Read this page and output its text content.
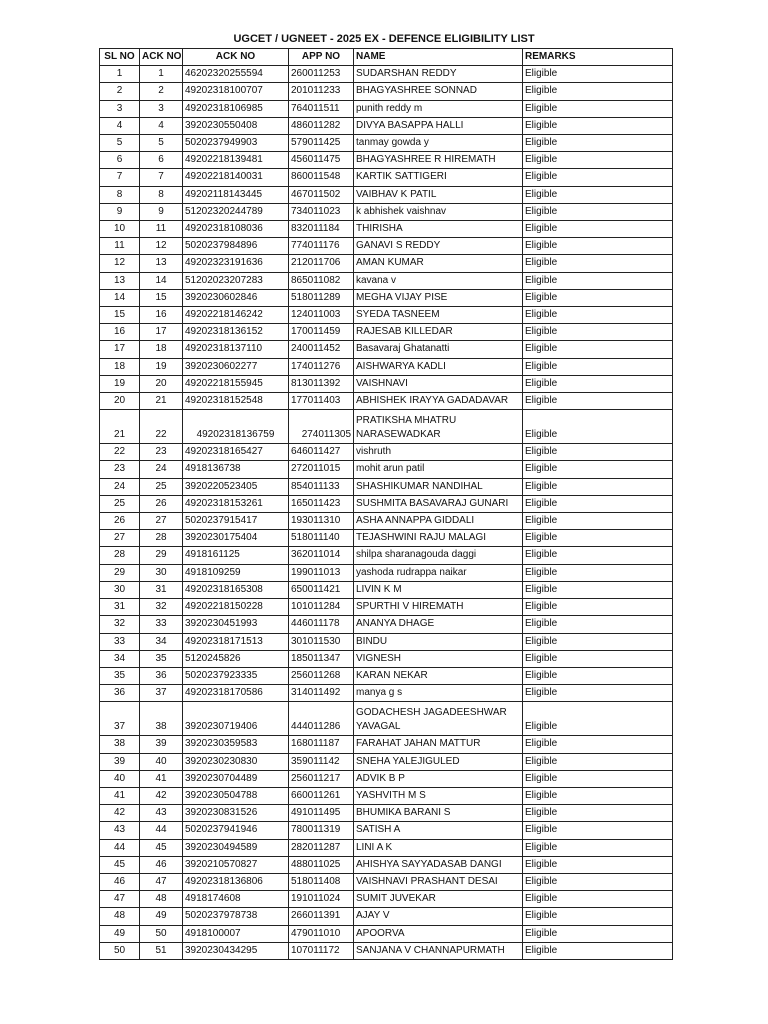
UGCET / UGNEET - 2025 EX - DEFENCE ELIGIBILITY LIST
SL NO	ACK NO	ACK NO	APP NO	NAME	REMARKS
1	1	46202320255594	260011253	SUDARSHAN REDDY	Eligible
2	2	49202318100707	201011233	BHAGYASHREE SONNAD	Eligible
3	3	49202318106985	764011511	punith reddy m	Eligible
4	4	3920230550408	486011282	DIVYA BASAPPA HALLI	Eligible
5	5	5020237949903	579011425	tanmay gowda y	Eligible
6	6	49202218139481	456011475	BHAGYASHREE R HIREMATH	Eligible
7	7	49202218140031	860011548	KARTIK SATTIGERI	Eligible
8	8	49202118143445	467011502	VAIBHAV K PATIL	Eligible
9	9	51202320244789	734011023	k abhishek vaishnav	Eligible
10	11	49202318108036	832011184	THIRISHA	Eligible
11	12	5020237984896	774011176	GANAVI S REDDY	Eligible
12	13	49202323191636	212011706	AMAN KUMAR	Eligible
13	14	51202023207283	865011082	kavana v	Eligible
14	15	3920230602846	518011289	MEGHA VIJAY PISE	Eligible
15	16	49202218146242	124011003	SYEDA TASNEEM	Eligible
16	17	49202318136152	170011459	RAJESAB KILLEDAR	Eligible
17	18	49202318137110	240011452	Basavaraj Ghatanatti	Eligible
18	19	3920230602277	174011276	AISHWARYA KADLI	Eligible
19	20	49202218155945	813011392	VAISHNAVI	Eligible
20	21	49202318152548	177011403	ABHISHEK IRAYYA GADADAVAR	Eligible
21	22	49202318136759	274011305	PRATIKSHA MHATRU NARASEWADKAR	Eligible
22	23	49202318165427	646011427	vishruth	Eligible
23	24	4918136738	272011015	mohit arun patil	Eligible
24	25	3920220523405	854011133	SHASHIKUMAR NANDIHAL	Eligible
25	26	49202318153261	165011423	SUSHMITA BASAVARAJ GUNARI	Eligible
26	27	5020237915417	193011310	ASHA ANNAPPA GIDDALI	Eligible
27	28	3920230175404	518011140	TEJASHWINI RAJU MALAGI	Eligible
28	29	4918161125	362011014	shilpa sharanagouda daggi	Eligible
29	30	4918109259	199011013	yashoda rudrappa naikar	Eligible
30	31	49202318165308	650011421	LIVIN K M	Eligible
31	32	49202218150228	101011284	SPURTHI V HIREMATH	Eligible
32	33	3920230451993	446011178	ANANYA DHAGE	Eligible
33	34	49202318171513	301011530	BINDU	Eligible
34	35	5120245826	185011347	VIGNESH	Eligible
35	36	5020237923335	256011268	KARAN NEKAR	Eligible
36	37	49202318170586	314011492	manya g s	Eligible
37	38	3920230719406	444011286	GODACHESH JAGADEESHWAR YAVAGAL	Eligible
38	39	3920230359583	168011187	FARAHAT JAHAN MATTUR	Eligible
39	40	3920230230830	359011142	SNEHA YALEJIGULED	Eligible
40	41	3920230704489	256011217	ADVIK B P	Eligible
41	42	3920230504788	660011261	YASHVITH M S	Eligible
42	43	3920230831526	491011495	BHUMIKA BARANI S	Eligible
43	44	5020237941946	780011319	SATISH A	Eligible
44	45	3920230494589	282011287	LINI A K	Eligible
45	46	3920210570827	488011025	AHISHYA SAYYADASAB DANGI	Eligible
46	47	49202318136806	518011408	VAISHNAVI PRASHANT DESAI	Eligible
47	48	4918174608	191011024	SUMIT JUVEKAR	Eligible
48	49	5020237978738	266011391	AJAY V	Eligible
49	50	4918100007	479011010	APOORVA	Eligible
50	51	3920230434295	107011172	SANJANA V CHANNAPURMATH	Eligible
